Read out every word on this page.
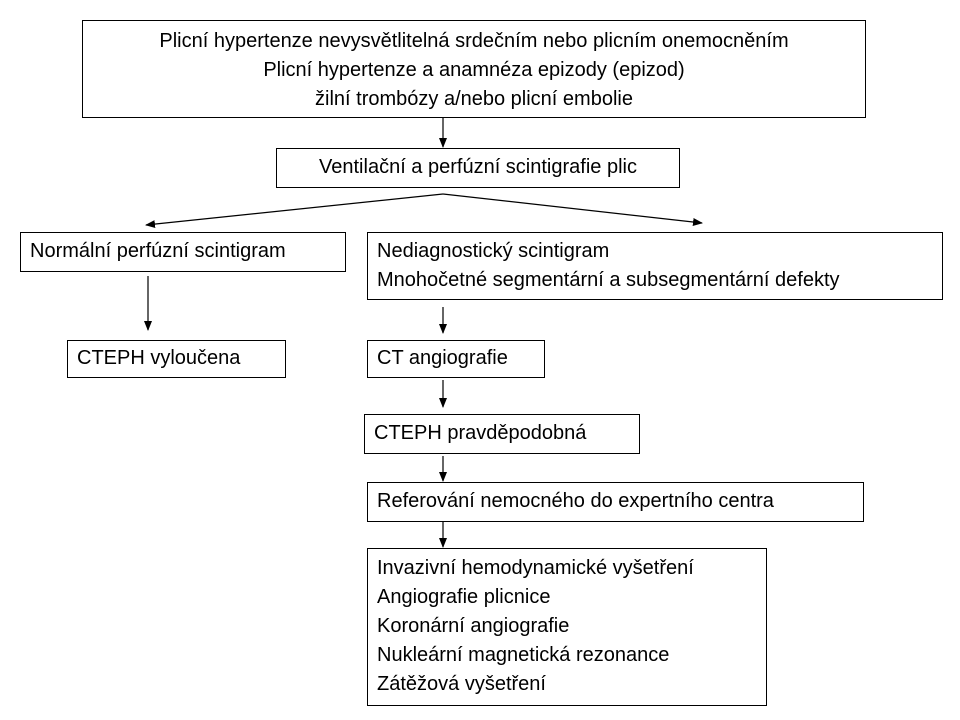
Plicní hypertenze nevysvětlitelná srdečním nebo plicním onemocněním
Plicní hypertenze a anamnéza epizody (epizod)
žilní trombózy a/nebo plicní embolie
Ventilační a perfúzní scintigrafie plic
Normální perfúzní scintigram	Nediagnostický scintigram
Mnohočetné segmentární a subsegmentární defekty
CTEPH vyloučena	CT angiografie
CTEPH pravděpodobná
Referování nemocného do expertního centra
Invazivní hemodynamické vyšetření
Angiografie plicnice
Koronární angiografie
Nukleární magnetická rezonance
Zátěžová vyšetření
